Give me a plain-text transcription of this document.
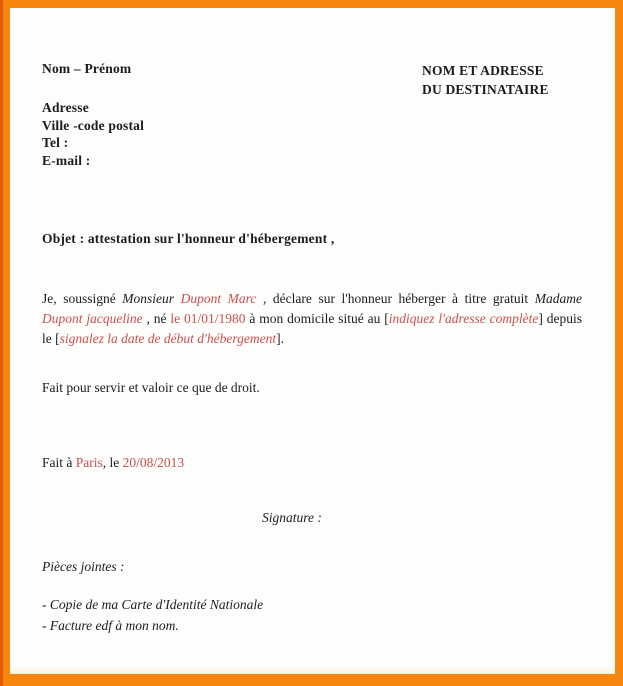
Nom – Prénom	NOM ET ADRESSE
DU DESTINATAIRE
Adresse
Ville -code postal
Tel :
E-mail :
Objet : attestation sur l'honneur d'hébergement ,
Je, soussigné Monsieur Dupont Marc , déclare sur l'honneur héberger à titre gratuit Madame Dupont jacqueline , né le 01/01/1980 à mon domicile situé au [indiquez l'adresse complète] depuis le [signalez la date de début d'hébergement].
Fait pour servir et valoir ce que de droit.
Fait à Paris, le 20/08/2013
Signature :
Pièces jointes :
- Copie de ma Carte d'Identité Nationale
- Facture edf à mon nom.
